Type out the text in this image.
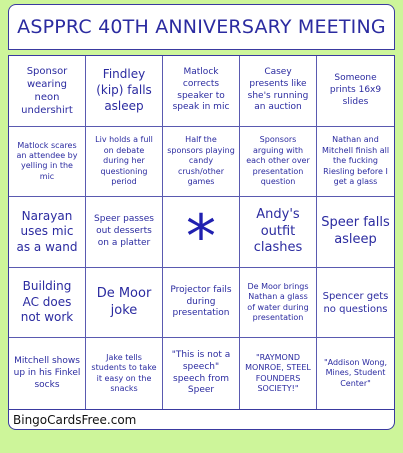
ASPPRC 40TH ANNIVERSARY MEETING
Sponsor wearing neon undershirt
Findley (kip) falls asleep
Matlock corrects speaker to speak in mic
Casey presents like she's running an auction
Someone prints 16x9 slides
Matlock scares an attendee by yelling in the mic
Liv holds a full on debate during her questioning period
Half the sponsors playing candy crush/other games
Sponsors arguing with each other over presentation question
Nathan and Mitchell finish all the fucking Riesling before I get a glass
Narayan uses mic as a wand
Speer passes out desserts on a platter *	Andy's outfit clashes
Speer falls asleep
Building AC does not work
De Moor joke
Projector fails during presentation
De Moor brings Nathan a glass of water during presentation
Spencer gets no questions
Mitchell shows up in his Finkel socks
Jake tells students to take it easy on the snacks
"This is not a speech" speech from Speer
"RAYMOND MONROE, STEEL FOUNDERS SOCIETY!"
"Addison Wong, Mines, Student Center"
BingoCardsFree.com
